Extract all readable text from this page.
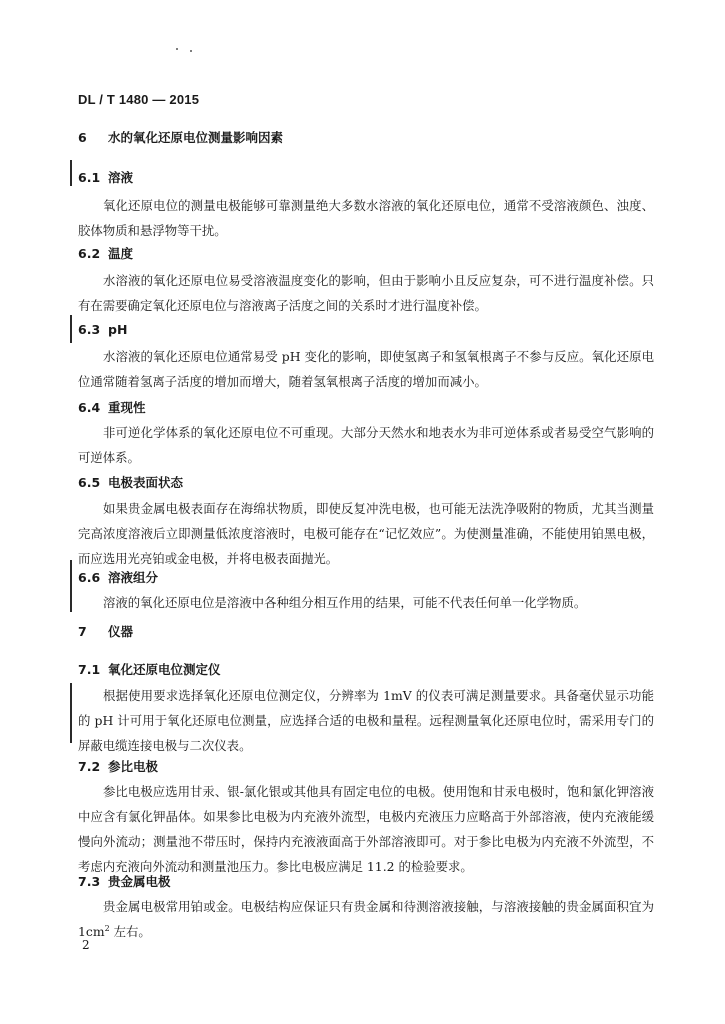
DL / T 1480 — 2015
6 水的氧化还原电位测量影响因素
6.1 溶液
氧化还原电位的测量电极能够可靠测量绝大多数水溶液的氧化还原电位，通常不受溶液颜色、浊度、胶体物质和悬浮物等干扰。
6.2 温度
水溶液的氧化还原电位易受溶液温度变化的影响，但由于影响小且反应复杂，可不进行温度补偿。只有在需要确定氧化还原电位与溶液离子活度之间的关系时才进行温度补偿。
6.3 pH
水溶液的氧化还原电位通常易受 pH 变化的影响，即使氢离子和氢氧根离子不参与反应。氧化还原电位通常随着氢离子活度的增加而增大，随着氢氧根离子活度的增加而减小。
6.4 重现性
非可逆化学体系的氧化还原电位不可重现。大部分天然水和地表水为非可逆体系或者易受空气影响的可逆体系。
6.5 电极表面状态
如果贵金属电极表面存在海绵状物质，即使反复冲洗电极，也可能无法洗净吸附的物质，尤其当测量完高浓度溶液后立即测量低浓度溶液时，电极可能存在“记忆效应”。为使测量准确，不能使用铂黑电极，而应选用光亮铂或金电极，并将电极表面抛光。
6.6 溶液组分
溶液的氧化还原电位是溶液中各种组分相互作用的结果，可能不代表任何单一化学物质。
7 仪器
7.1 氧化还原电位测定仪
根据使用要求选择氧化还原电位测定仪，分辨率为 1mV 的仪表可满足测量要求。具备毫伏显示功能的 pH 计可用于氧化还原电位测量，应选择合适的电极和量程。远程测量氧化还原电位时，需采用专门的屏蔽电缆连接电极与二次仪表。
7.2 参比电极
参比电极应选用甘汞、银-氯化银或其他具有固定电位的电极。使用饱和甘汞电极时，饱和氯化钾溶液中应含有氯化钾晶体。如果参比电极为内充液外流型，电极内充液压力应略高于外部溶液，使内充液能缓慢向外流动；测量池不带压时，保持内充液液面高于外部溶液即可。对于参比电极为内充液不外流型，不考虑内充液向外流动和测量池压力。参比电极应满足 11.2 的检验要求。
7.3 贵金属电极
贵金属电极常用铂或金。电极结构应保证只有贵金属和待测溶液接触，与溶液接触的贵金属面积宜为 $1cm^2$ 左右。
2
